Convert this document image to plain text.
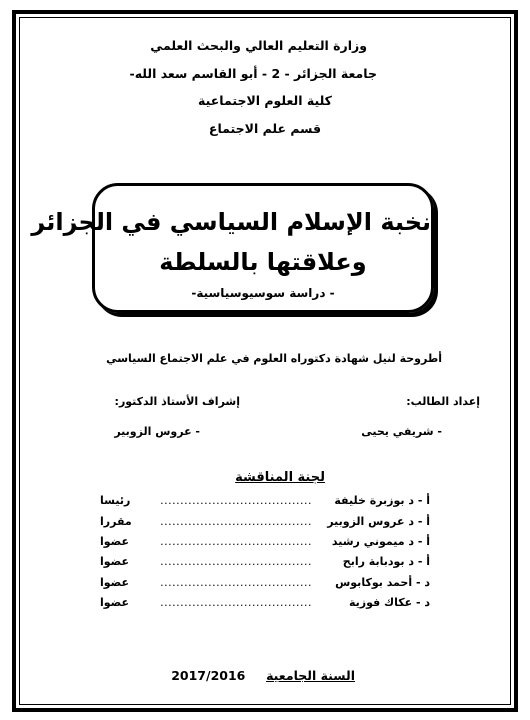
وزارة التعليم العالي والبحث العلمي
جامعة الجزائر - 2 - أبو القاسم سعد الله-
كلية العلوم الاجتماعية
قسم علم الاجتماع
نخبة الإسلام السياسي في الجزائر
وعلاقتها بالسلطة
- دراسة سوسيوسياسية-
أطروحة لنيل شهادة دكتوراه العلوم في علم الاجتماع السياسي
إعداد الطالب:
إشراف الأستاذ الدكتور:
- شريفي يحيى
- عروس الزوبير
لجنة المناقشة
أ - د بوزبرة خليفة
......................................
رئيسا
أ - د عروس الزوبير
......................................
مقررا
أ - د ميموني رشيد
......................................
عضوا
أ - د بودبابة رابح
......................................
عضوا
د - أحمد بوكابوس
......................................
عضوا
د - عكاك فوزية
......................................
عضوا
السنة الجامعية  2017/2016
